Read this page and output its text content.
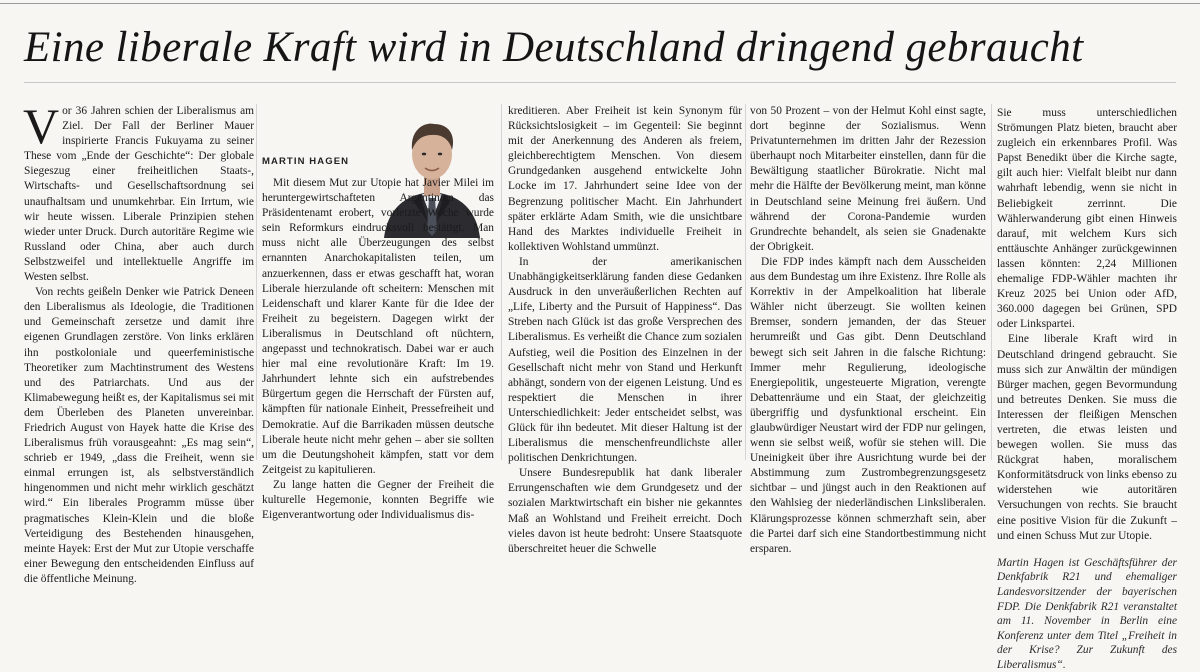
Eine liberale Kraft wird in Deutschland dringend gebraucht

Vor 36 Jahren schien der Liberalismus am Ziel. Der Fall der Berliner Mauer inspirierte Francis Fukuyama zu seiner These vom „Ende der Geschichte“: Der globale Siegeszug einer freiheitlichen Staats-, Wirtschafts- und Gesellschaftsordnung sei unaufhaltsam und unumkehrbar. Ein Irrtum, wie wir heute wissen. Liberale Prinzipien stehen wieder unter Druck. Durch autoritäre Regime wie Russland oder China, aber auch durch Selbstzweifel und intellektuelle Angriffe im Westen selbst.

Von rechts geißeln Denker wie Patrick Deneen den Liberalismus als Ideologie, die Traditionen und Gemeinschaft zersetze und damit ihre eigenen Grundlagen zerstöre. Von links erklären ihn postkoloniale und queerfeministische Theoretiker zum Machtinstrument des Westens und des Patriarchats. Und aus der Klimabewegung heißt es, der Kapitalismus sei mit dem Überleben des Planeten unvereinbar. Friedrich August von Hayek hatte die Krise des Liberalismus früh vorausgeahnt: „Es mag sein“, schrieb er 1949, „dass die Freiheit, wenn sie einmal errungen ist, als selbstverständlich hingenommen und nicht mehr wirklich geschätzt wird.“ Ein liberales Programm müsse über pragmatisches Klein-Klein und die bloße Verteidigung des Bestehenden hinausgehen, meinte Hayek: Erst der Mut zur Utopie verschaffe einer Bewegung den entscheidenden Einfluss auf die öffentliche Meinung.

MARTIN HAGEN

Mit diesem Mut zur Utopie hat Javier Milei im heruntergewirtschafteten Argentinien das Präsidentenamt erobert, vorletzte Woche wurde sein Reformkurs eindrucksvoll bestätigt. Man muss nicht alle Überzeugungen des selbst ernannten Anarchokapitalisten teilen, um anzuerkennen, dass er etwas geschafft hat, woran Liberale hierzulande oft scheitern: Menschen mit Leidenschaft und klarer Kante für die Idee der Freiheit zu begeistern. Dagegen wirkt der Liberalismus in Deutschland oft nüchtern, angepasst und technokratisch. Dabei war er auch hier mal eine revolutionäre Kraft: Im 19. Jahrhundert lehnte sich ein aufstrebendes Bürgertum gegen die Herrschaft der Fürsten auf, kämpften für nationale Einheit, Pressefreiheit und Demokratie. Auf die Barrikaden müssen deutsche Liberale heute nicht mehr gehen – aber sie sollten um die Deutungshoheit kämpfen, statt vor dem Zeitgeist zu kapitulieren.

Zu lange hatten die Gegner der Freiheit die kulturelle Hegemonie, konnten Begriffe wie Eigenverantwortung oder Individualismus dis-

kreditieren. Aber Freiheit ist kein Synonym für Rücksichtslosigkeit – im Gegenteil: Sie beginnt mit der Anerkennung des Anderen als freiem, gleichberechtigtem Menschen. Von diesem Grundgedanken ausgehend entwickelte John Locke im 17. Jahrhundert seine Idee von der Begrenzung politischer Macht. Ein Jahrhundert später erklärte Adam Smith, wie die unsichtbare Hand des Marktes individuelle Freiheit in kollektiven Wohlstand ummünzt.

In der amerikanischen Unabhängigkeitserklärung fanden diese Gedanken Ausdruck in den unveräußerlichen Rechten auf „Life, Liberty and the Pursuit of Happiness“. Das Streben nach Glück ist das große Versprechen des Liberalismus. Es verheißt die Chance zum sozialen Aufstieg, weil die Position des Einzelnen in der Gesellschaft nicht mehr von Stand und Herkunft abhängt, sondern von der eigenen Leistung. Und es respektiert die Menschen in ihrer Unterschiedlichkeit: Jeder entscheidet selbst, was Glück für ihn bedeutet. Mit dieser Haltung ist der Liberalismus die menschenfreundlichste aller politischen Denkrichtungen.

Unsere Bundesrepublik hat dank liberaler Errungenschaften wie dem Grundgesetz und der sozialen Marktwirtschaft ein bisher nie gekanntes Maß an Wohlstand und Freiheit erreicht. Doch vieles davon ist heute bedroht: Unsere Staatsquote überschreitet heuer die Schwelle

von 50 Prozent – von der Helmut Kohl einst sagte, dort beginne der Sozialismus. Wenn Privatunternehmen im dritten Jahr der Rezession überhaupt noch Mitarbeiter einstellen, dann für die Bewältigung staatlicher Bürokratie. Nicht mal mehr die Hälfte der Bevölkerung meint, man könne in Deutschland seine Meinung frei äußern. Und während der Corona-Pandemie wurden Grundrechte behandelt, als seien sie Gnadenakte der Obrigkeit.

Die FDP indes kämpft nach dem Ausscheiden aus dem Bundestag um ihre Existenz. Ihre Rolle als Korrektiv in der Ampelkoalition hat liberale Wähler nicht überzeugt. Sie wollten keinen Bremser, sondern jemanden, der das Steuer herumreißt und Gas gibt. Denn Deutschland bewegt sich seit Jahren in die falsche Richtung: Immer mehr Regulierung, ideologische Energiepolitik, ungesteuerte Migration, verengte Debattenräume und ein Staat, der gleichzeitig übergriffig und dysfunktional erscheint. Ein glaubwürdiger Neustart wird der FDP nur gelingen, wenn sie selbst weiß, wofür sie stehen will. Die Uneinigkeit über ihre Ausrichtung wurde bei der Abstimmung zum Zustrombegrenzungsgesetz sichtbar – und jüngst auch in den Reaktionen auf den Wahlsieg der niederländischen Linksliberalen. Klärungsprozesse können schmerzhaft sein, aber die Partei darf sich eine Standortbestimmung nicht ersparen.

Sie muss unterschiedlichen Strömungen Platz bieten, braucht aber zugleich ein erkennbares Profil. Was Papst Benedikt über die Kirche sagte, gilt auch hier: Vielfalt bleibt nur dann wahrhaft lebendig, wenn sie nicht in Beliebigkeit zerrinnt. Die Wählerwanderung gibt einen Hinweis darauf, mit welchem Kurs sich enttäuschte Anhänger zurückgewinnen lassen könnten: 2,24 Millionen ehemalige FDP-Wähler machten ihr Kreuz 2025 bei Union oder AfD, 360.000 dagegen bei Grünen, SPD oder Linkspartei.

Eine liberale Kraft wird in Deutschland dringend gebraucht. Sie muss sich zur Anwältin der mündigen Bürger machen, gegen Bevormundung und betreutes Denken. Sie muss die Interessen der fleißigen Menschen vertreten, die etwas leisten und bewegen wollen. Sie muss das Rückgrat haben, moralischem Konformitätsdruck von links ebenso zu widerstehen wie autoritären Versuchungen von rechts. Sie braucht eine positive Vision für die Zukunft – und einen Schuss Mut zur Utopie.

Martin Hagen ist Geschäftsführer der Denkfabrik R21 und ehemaliger Landesvorsitzender der bayerischen FDP. Die Denkfabrik R21 veranstaltet am 11. November in Berlin eine Konferenz unter dem Titel „Freiheit in der Krise? Zur Zukunft des Liberalismus“.
